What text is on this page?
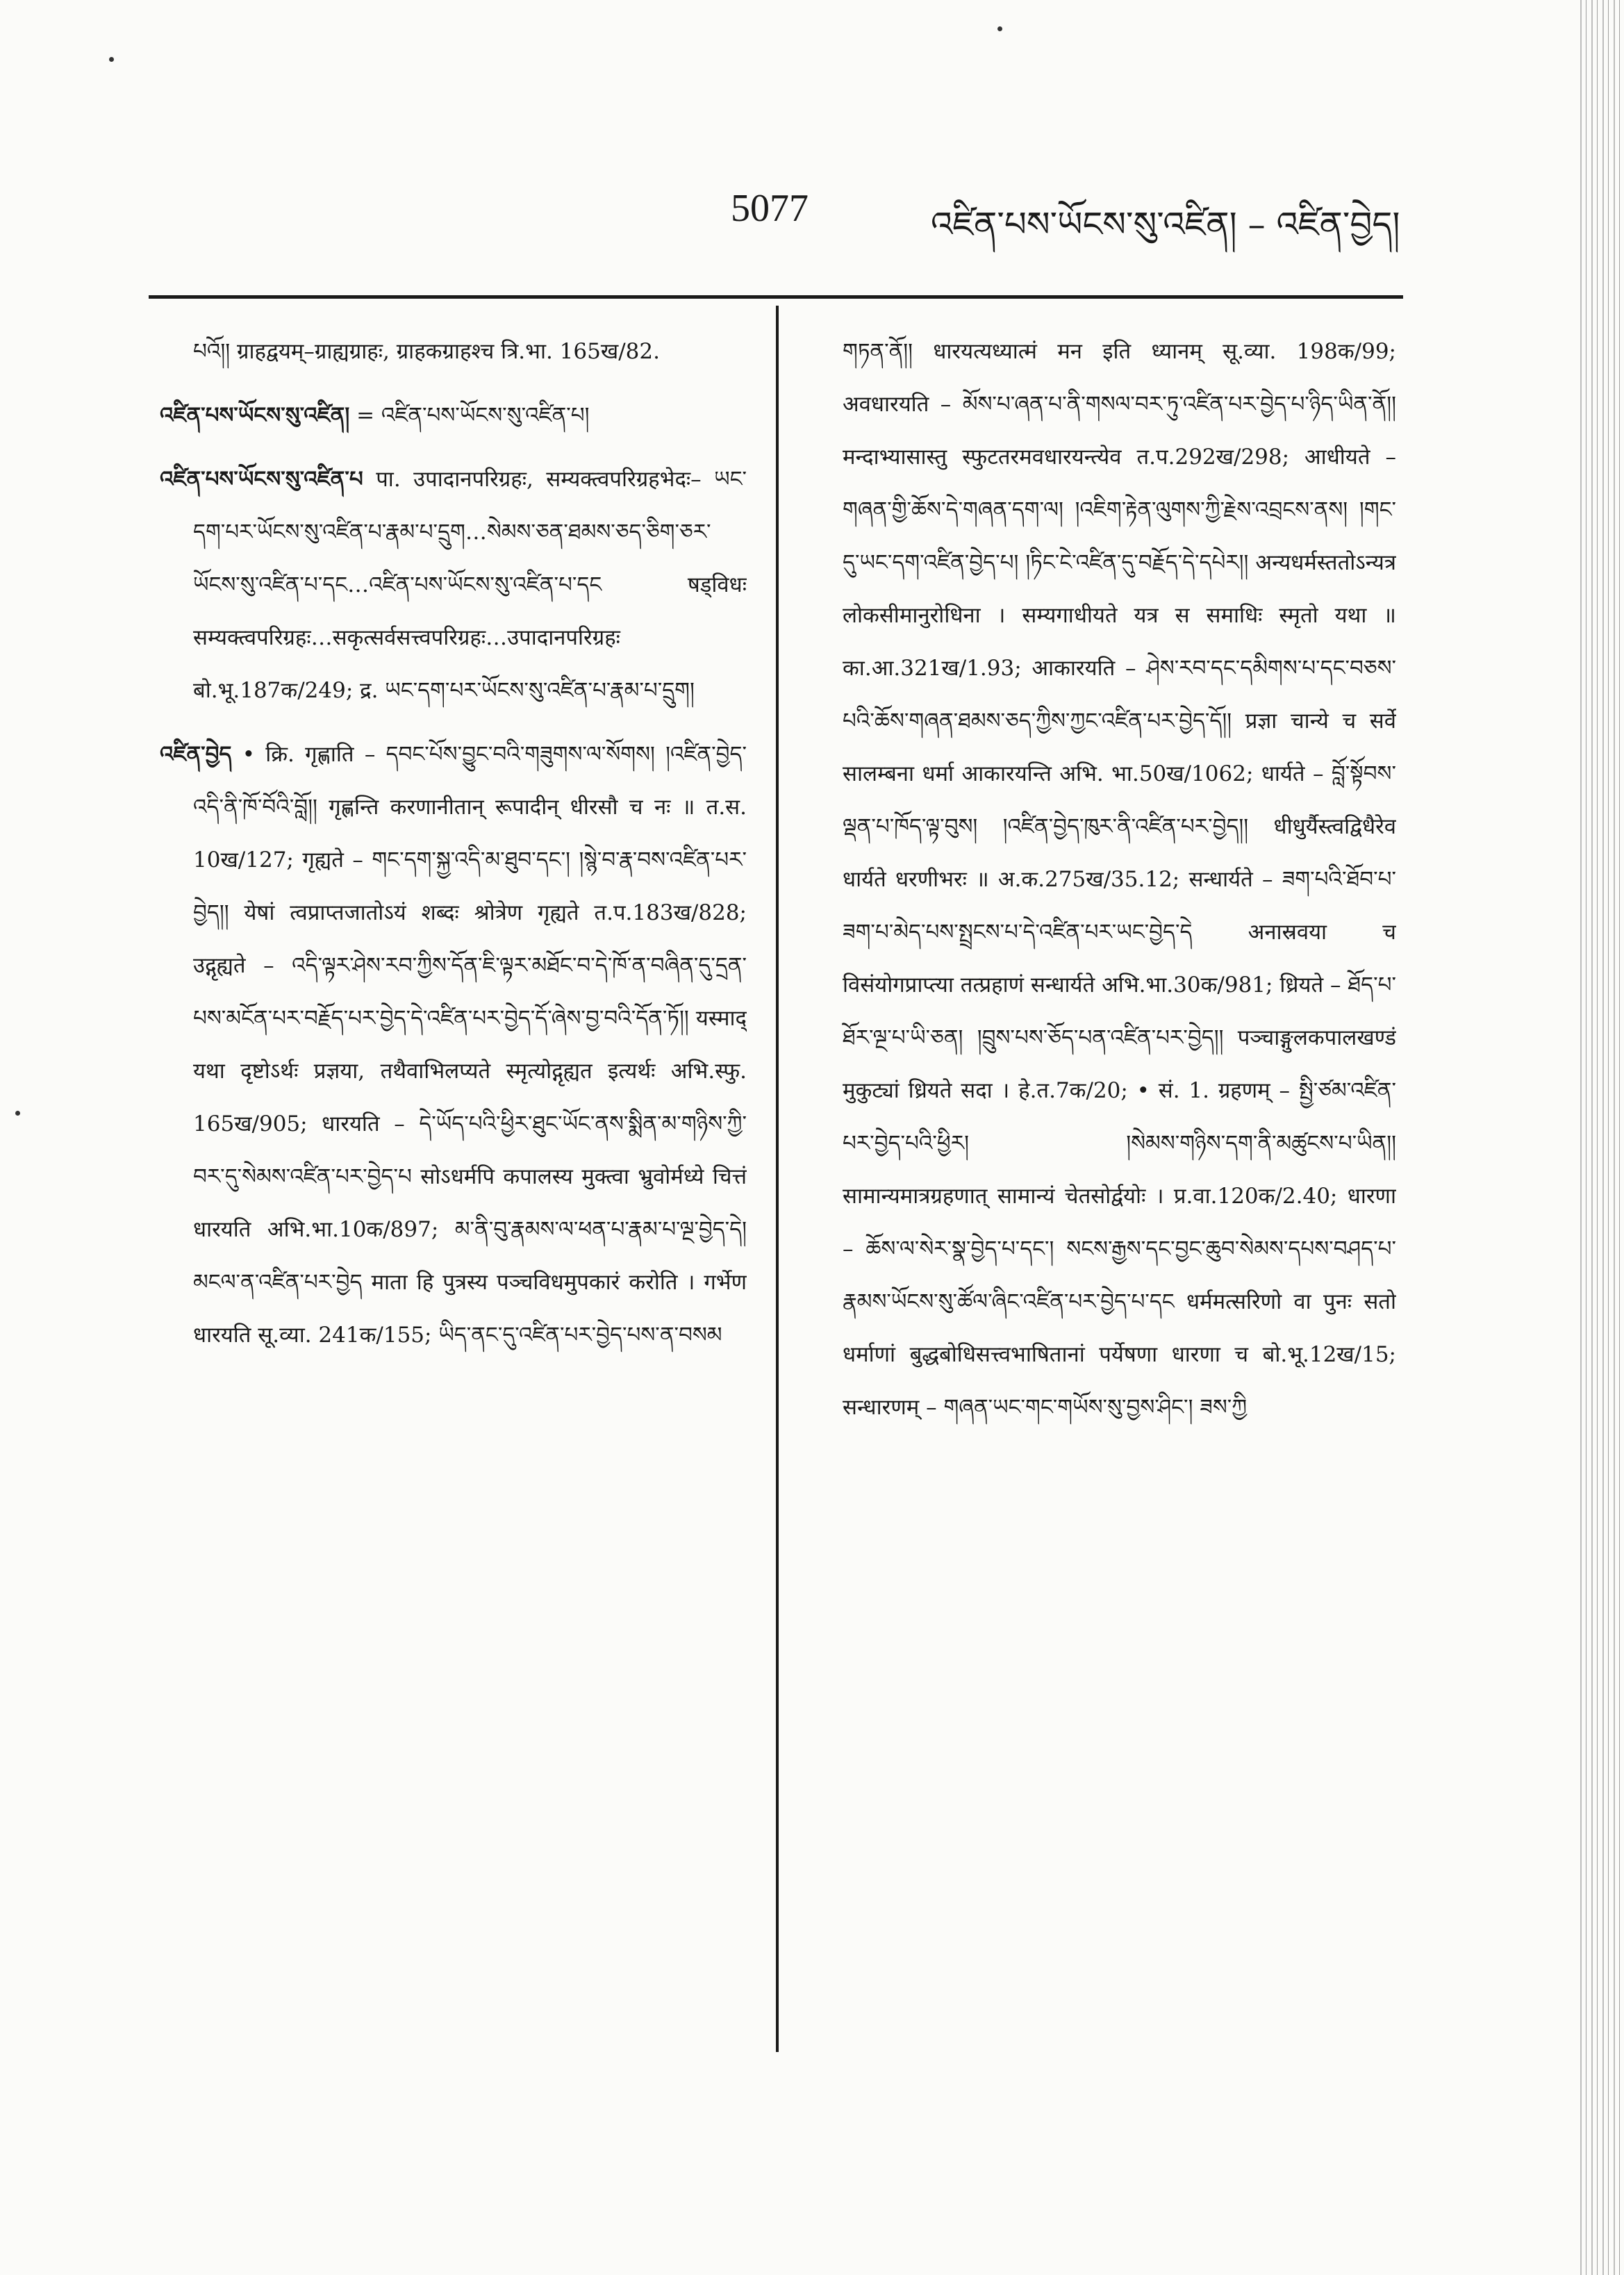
5077	འཛིན་པས་ཡོངས་སུ་འཛིན། – འཛིན་བྱེད།

པའོ།། ग्राहद्वयम्–ग्राह्यग्राहः, ग्राहकग्राहश्च त्रि.भा. 165ख/82.

འཛིན་པས་ཡོངས་སུ་འཛིན། = འཛིན་པས་ཡོངས་སུ་འཛིན་པ།

འཛིན་པས་ཡོངས་སུ་འཛིན་པ पा. उपादानपरिग्रहः, सम्यक्त्वपरिग्रहभेदः– ཡང་དག་པར་ཡོངས་སུ་འཛིན་པ་རྣམ་པ་དྲུག…སེམས་ཅན་ཐམས་ཅད་ཅིག་ཅར་ཡོངས་སུ་འཛིན་པ་དང…འཛིན་པས་ཡོངས་སུ་འཛིན་པ་དང षड्विधः सम्यक्त्वपरिग्रहः…सकृत्सर्वसत्त्वपरिग्रहः…उपादानपरिग्रहः बो.भू.187क/249; द्र. ཡང་དག་པར་ཡོངས་སུ་འཛིན་པ་རྣམ་པ་དྲུག།

འཛིན་བྱེད • क्रि. गृह्णाति – དབང་པོས་བྱུང་བའི་གཟུགས་ལ་སོགས། །འཛིན་བྱེད་འདི་ནི་ཁོ་བོའི་བློ།། गृह्णन्ति करणानीतान् रूपादीन् धीरसौ च नः ॥ त.स. 10ख/127; गृह्यते – གང་དག་སྐྱ་འདི་མ་ཐུབ་དང་། །སྙེ་བ་རྣ་བས་འཛིན་པར་བྱེད།། येषां त्वप्राप्तजातोऽयं शब्दः श्रोत्रेण गृह्यते त.प.183ख/828; उद्गृह्यते – འདི་ལྟར་ཤེས་རབ་ཀྱིས་དོན་ཇི་ལྟར་མཐོང་བ་དེ་ཁོ་ན་བཞིན་དུ་དྲན་པས་མངོན་པར་བརྗོད་པར་བྱེད་དེ་འཛིན་པར་བྱེད་དོ་ཞེས་བྱ་བའི་དོན་ཏོ།། यस्माद् यथा दृष्टोऽर्थः प्रज्ञया, तथैवाभिलप्यते स्मृत्योद्गृह्यत इत्यर्थः अभि.स्फु. 165ख/905; धारयति – དེ་ཡོད་པའི་ཕྱིར་ཐུང་ཡོང་ནས་སྨིན་མ་གཉིས་ཀྱི་བར་དུ་སེམས་འཛིན་པར་བྱེད་པ सोऽधर्मपि कपालस्य मुक्त्वा भ्रुवोर्मध्ये चित्तं धारयति अभि.भा.10क/897; མ་ནི་བུ་རྣམས་ལ་ཕན་པ་རྣམ་པ་ལྔ་བྱེད་དེ། མངལ་ན་འཛིན་པར་བྱེད माता हि पुत्रस्य पञ्चविधमुपकारं करोति । गर्भेण धारयति सू.व्या. 241क/155; ཡིད་ནང་དུ་འཛིན་པར་བྱེད་པས་ན་བསམ

གཏན་ནོ།། धारयत्यध्यात्मं मन इति ध्यानम् सू.व्या. 198क/99; अवधारयति – མོས་པ་ཞན་པ་ནི་གསལ་བར་ཏུ་འཛིན་པར་བྱེད་པ་ཉིད་ཡིན་ནོ།། मन्दाभ्यासास्तु स्फुटतरमवधारयन्त्येव त.प.292ख/298; आधीयते – གཞན་གྱི་ཆོས་དེ་གཞན་དག་ལ། །འཇིག་རྟེན་ལུགས་ཀྱི་རྗེས་འབྲངས་ནས། །གང་དུ་ཡང་དག་འཛིན་བྱེད་པ། །ཏིང་ངེ་འཛིན་དུ་བརྗོད་དེ་དཔེར།། अन्यधर्मस्ततोऽन्यत्र लोकसीमानुरोधिना । सम्यगाधीयते यत्र स समाधिः स्मृतो यथा ॥ का.आ.321ख/1.93; आकारयति – ཤེས་རབ་དང་དམིགས་པ་དང་བཅས་པའི་ཆོས་གཞན་ཐམས་ཅད་ཀྱིས་ཀྱང་འཛིན་པར་བྱེད་དོ།། प्रज्ञा चान्ये च सर्वे सालम्बना धर्मा आकारयन्ति अभि. भा.50ख/1062; धार्यते – བློ་སྟོབས་ལྡན་པ་ཁོད་ལྟ་བུས། །འཛིན་བྱེད་ཁུར་ནི་འཛིན་པར་བྱེད།། धीधुर्यैस्त्वद्विधैरेव धार्यते धरणीभरः ॥ अ.क.275ख/35.12; सन्धार्यते – ཟག་པའི་ཐོབ་པ་ཟག་པ་མེད་པས་སྤྲངས་པ་དེ་འཛིན་པར་ཡང་བྱེད་དེ अनास्रवया च विसंयोगप्राप्त्या तत्प्रहाणं सन्धार्यते अभि.भा.30क/981; ध्रियते – ཐོད་པ་ཐོར་ལྔ་པ་ཡི་ཅན། །བྲུས་པས་ཅོད་པན་འཛིན་པར་བྱེད།། पञ्चाङ्गुलकपालखण्डं मुकुट्यां ध्रियते सदा । हे.त.7क/20; • सं. 1. ग्रहणम् – སྤྱི་ཙམ་འཛིན་པར་བྱེད་པའི་ཕྱིར། །སེམས་གཉིས་དག་ནི་མཚུངས་པ་ཡིན།། सामान्यमात्रग्रहणात् सामान्यं चेतसोर्द्वयोः । प्र.वा.120क/2.40; धारणा – ཆོས་ལ་སེར་སྣ་བྱེད་པ་དང་། སངས་རྒྱས་དང་བྱང་ཆུབ་སེམས་དཔས་བཤད་པ་རྣམས་ཡོངས་སུ་ཚོལ་ཞིང་འཛིན་པར་བྱེད་པ་དང धर्ममत्सरिणो वा पुनः सतो धर्माणां बुद्धबोधिसत्त्वभाषितानां पर्येषणा धारणा च बो.भू.12ख/15; सन्धारणम् – གཞན་ཡང་གང་གཡོས་སུ་བྱས་ཤིང་། ཟས་ཀྱི
